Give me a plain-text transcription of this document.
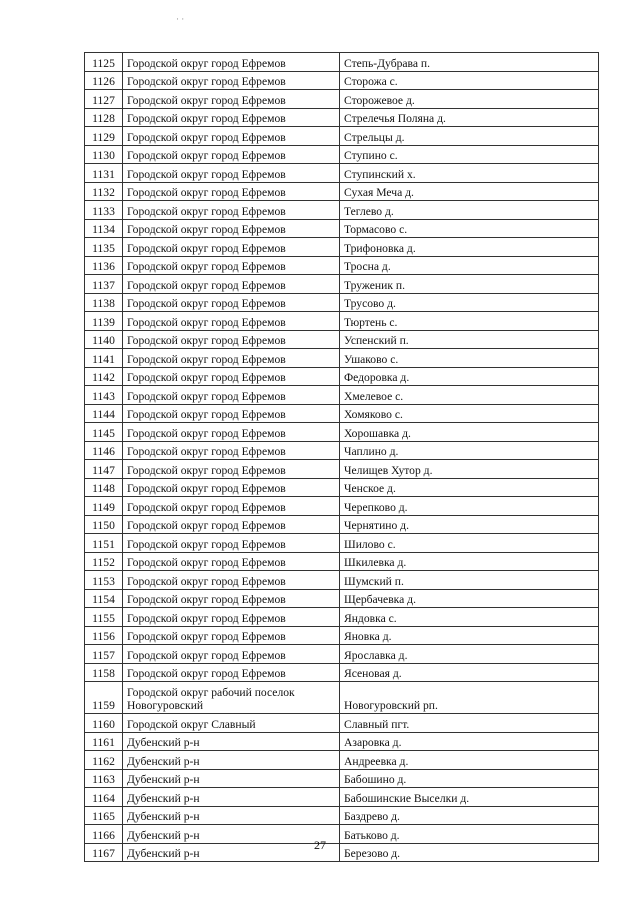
· ·
1125	Городской округ город Ефремов	Степь-Дубрава п.
1126	Городской округ город Ефремов	Сторожа с.
1127	Городской округ город Ефремов	Сторожевое д.
1128	Городской округ город Ефремов	Стрелечья Поляна д.
1129	Городской округ город Ефремов	Стрельцы д.
1130	Городской округ город Ефремов	Ступино с.
1131	Городской округ город Ефремов	Ступинский х.
1132	Городской округ город Ефремов	Сухая Меча д.
1133	Городской округ город Ефремов	Теглево д.
1134	Городской округ город Ефремов	Тормасово с.
1135	Городской округ город Ефремов	Трифоновка д.
1136	Городской округ город Ефремов	Тросна д.
1137	Городской округ город Ефремов	Труженик п.
1138	Городской округ город Ефремов	Трусово д.
1139	Городской округ город Ефремов	Тюртень с.
1140	Городской округ город Ефремов	Успенский п.
1141	Городской округ город Ефремов	Ушаково с.
1142	Городской округ город Ефремов	Федоровка д.
1143	Городской округ город Ефремов	Хмелевое с.
1144	Городской округ город Ефремов	Хомяково с.
1145	Городской округ город Ефремов	Хорошавка д.
1146	Городской округ город Ефремов	Чаплино д.
1147	Городской округ город Ефремов	Челищев Хутор д.
1148	Городской округ город Ефремов	Ченское д.
1149	Городской округ город Ефремов	Черепково д.
1150	Городской округ город Ефремов	Чернятино д.
1151	Городской округ город Ефремов	Шилово с.
1152	Городской округ город Ефремов	Шкилевка д.
1153	Городской округ город Ефремов	Шумский п.
1154	Городской округ город Ефремов	Щербачевка д.
1155	Городской округ город Ефремов	Яндовка с.
1156	Городской округ город Ефремов	Яновка д.
1157	Городской округ город Ефремов	Ярославка д.
1158	Городской округ город Ефремов	Ясеновая д.
1159	Городской округ рабочий поселок Новогуровский	Новогуровский рп.
1160	Городской округ Славный	Славный пгт.
1161	Дубенский р-н	Азаровка д.
1162	Дубенский р-н	Андреевка д.
1163	Дубенский р-н	Бабошино д.
1164	Дубенский р-н	Бабошинские Выселки д.
1165	Дубенский р-н	Баздрево д.
1166	Дубенский р-н	Батьково д.
1167	Дубенский р-н	Березово д.
27
